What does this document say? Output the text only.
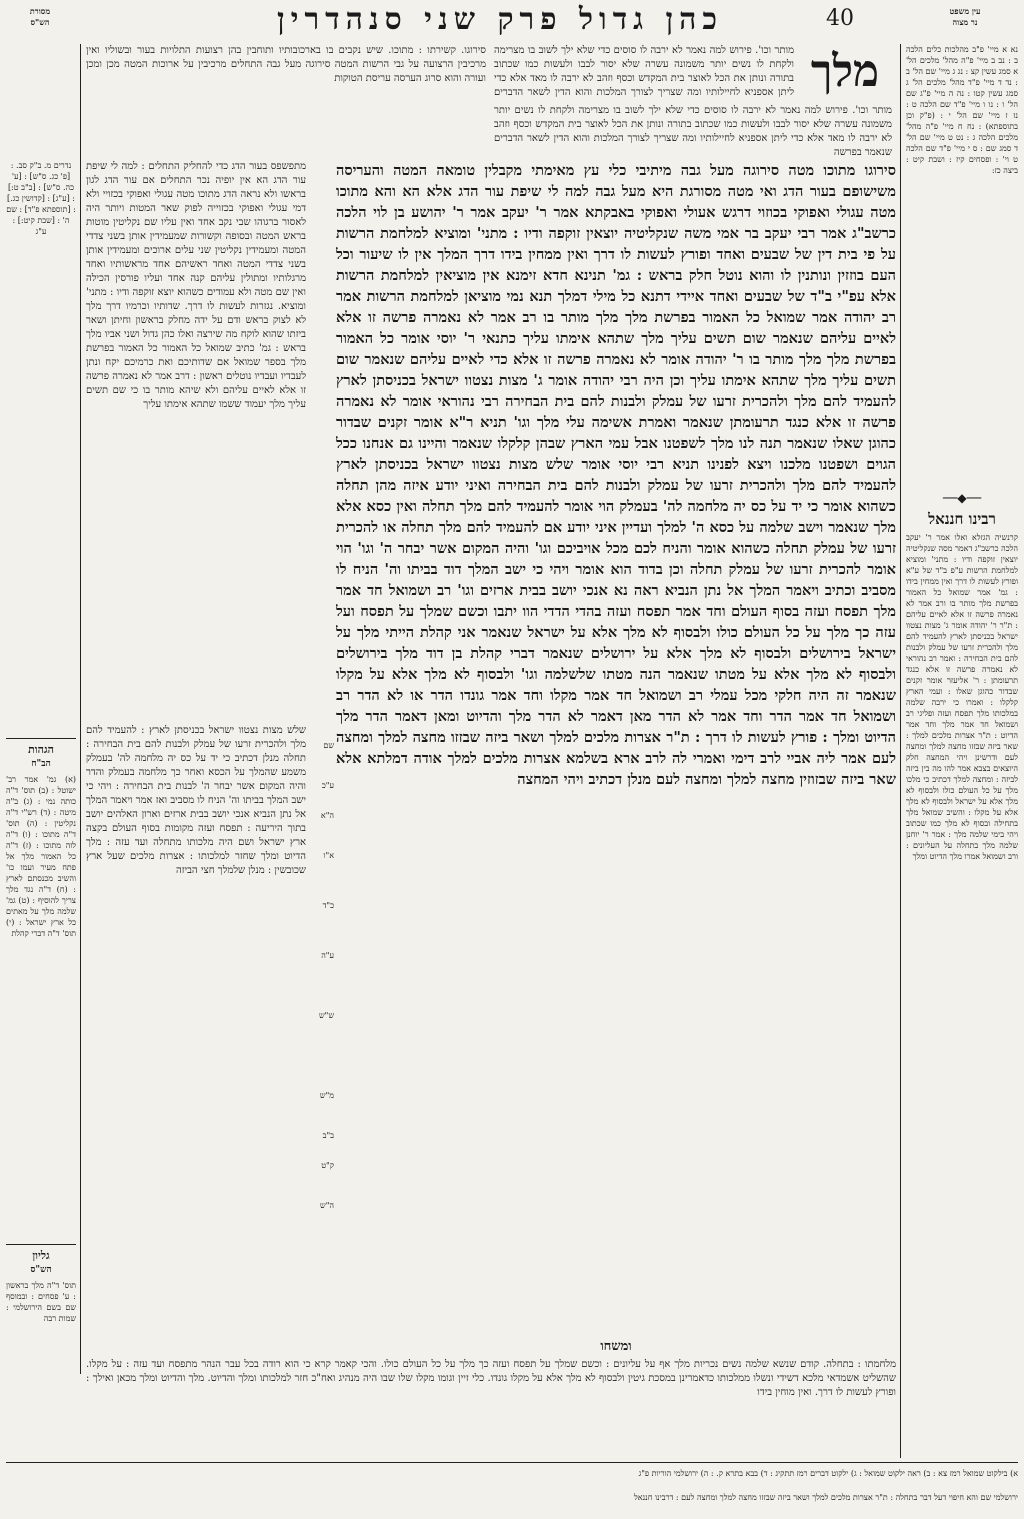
מסורת
הש"ס	כהן גדול פרק שני סנהדרין	40	עין משפט
נר מצוה
נדרים מ. ב"ק סב. : [פ' כג. ס"ש] : [ע' כה. ס"ש] : [ב"ב ט:] : [ע"ג] : [קדושין כג.] : [תוספתא פ"ד] : שם ה' : [שבת קיט:] : ע"ג
הגהות
הב"ח
(א) גמ' אמר רב' ישוטל : (ב) תוס' ד"ה כותה נמי : (ג) ב"ה מיטה : (ד) רש"י ד"ה נקליטין : (ה) תוס' ד"ה מתוכו : (ו) ד"ה לוה מתוכו : (ז) ד"ה כל האמור מלך אל פתח מעיר ועמו כו' והשיב מכנסתם לארץ : (ח) ד"ה נגד מלך צריך להוסיף : (ט) גמ' שלמה מלך על מאתים כל ארץ ישראל : (י) תוס' ד"ה דברי קהלת
גליון
הש"ס
תוס' ד"ה מלך בראשון : ע' פסחים : ובמוסף שם בשם הירושלמי : שמות רבה
סירוגו. קשירתו : מתוכו. שיש נקבים בו בארכובותיו ותוחבין בהן רצועות התלויות בעור ובשוליו ואין מרכיבין הרצועה על גבי הרשות המטה סירוגה מעל גבה התחלים מרכיבין על ארוכות המטה מכן ומכן ועורה והוא סרוג הערסה עריסת הטוקות
מתפשפס בעור הדג כדי להחליק התחלים : למה לי שיפת עור הדג הא אין יופיה נכר התחלים אם עור הדג לגון בראשו ולא נראה הדג מתוכו מטה עגולי ואפוקי בכזויי ולא דמי עגולי ואפוקי בכזוייה לפוק שאר המטות ויותר היה לאסור ברגוהו שבי נקב אחד ואין עליו שם נקליטין מוטות בראש המטה ובסופה וקשורות שמעמידין אותן בשני צדדי המטה ומעמידין נקליטין שני עלים ארוכים ומעמידין אותן בשני צדדי המטה ואחד ראשיהם אחד מראשותיו ואחד מרגלותיו ומתולין עליהם קנה אחד ועליו פורסין הכילה ואין שם מטה ולא עמודים כשהוא יוצא זוקפה ודיו : מתני' ומוציא. נגזרות לעשות לו דרך. שדותיו וכרמיו דרך מלך לא לצוק בראש ודם על ידה מחלק בראשון וחיתן ושאר ביזתו שהוא לוקח מה שירצה ואלו כהן גדול ושני אביו מלך בראש : גמ' כתיב שמואל כל האמור כל האמור בפרשת מלך בספר שמואל אם שדותיכם ואת כרמיכם יקח ונתן לעבדיו ועבדיו נוטלים ראשון : דרב אמר לא נאמרה פרשה זו אלא לאיים עליהם ולא שיהא מותר בו כי שם תשים עליך מלך יעמוד ששמו שתהא אימתו עליך
שלש מצות נצטוו ישראל בכניסתן לארץ : להעמיד להם מלך ולהכרית זרעו של עמלק ולבנות להם בית הבחירה : תחלה מנלן דכתיב כי יד על כס יה מלחמה לה' בעמלק משמע שהמלך על הכסא ואחר כך מלחמה בעמלק והדר והיה המקום אשר יבחר ה' לבנות בית הבחירה : ויהי כי ישב המלך בביתו וה' הניח לו מסביב ואז אמר ויאמר המלך אל נתן הנביא אנכי יושב בבית ארזים וארון האלהים יושב בתוך היריעה : תפסח ועזה מקומות בסוף העולם בקצה ארץ ישראל ושם היה מלכותו מתחלה ועד עזה : מלך הדיוט ומלך שחזר למלכותו : אצרות מלכים שעל ארץ שכובשין : מנלן שלמלך חצי הביזה
שם
ע"כ
ה"א
א"ו
כ"ד
ע"ה
ש"ש
מ"ש
ב"ב
ק"ט
ה"ש
מלך
מותר וכו'. פירוש למה נאמר לא ירבה לו סוסים כדי שלא ילך לשוב בו מצרימה ולקחת לו נשים יותר משמונה עשרה שלא יסור לבבו ולעשות כמו שכתוב בתורה ונותן את הכל לאוצר בית המקדש וכסף וזהב לא ירבה לו מאד אלא כדי ליתן אספניא לחיילותיו ומה שצריך לצורך המלכות והוא הדין לשאר הדברים שנאמר בפרשה
מותר וכו'. פירוש למה נאמר לא ירבה לו סוסים כדי שלא ילך לשוב בו מצרימה ולקחת לו נשים יותר משמונה עשרה שלא יסור לבבו ולעשות כמו שכתוב בתורה ונותן את הכל לאוצר בית המקדש וכסף וזהב לא ירבה לו מאד אלא כדי ליתן אספניא לחיילותיו ומה שצריך לצורך המלכות והוא הדין לשאר הדברים
סירוגו מתוכו מטה סירוגה מעל גבה מיתיבי כלי עץ מאימתי מקבלין טומאה המטה והעריסה משישופם בעור הדג ואי מטה מסורגת היא מעל גבה למה לי שיפת עור הדג אלא הא והא מתוכו מטה עגולי ואפוקי בכוזוי דרגש אעולי ואפוקי באבקתא אמר ר' יעקב אמר ר' יהושע בן לוי הלכה כרשב"ג אמר רבי יעקב בר אמי משה שנקליטיה יוצאין זוקפה ודיו : מתני' ומוציא למלחמת הרשות על פי בית דין של שבעים ואחד ופורץ לעשות לו דרך ואין ממחין בידו דרך המלך אין לו שיעור וכל העם בוזזין ונותנין לו והוא נוטל חלק בראש : גמ' תנינא חדא זימנא אין מוציאין למלחמת הרשות אלא עפ"י ב"ד של שבעים ואחד איידי דתנא כל מילי דמלך תנא נמי מוציאן למלחמת הרשות אמר רב יהודה אמר שמואל כל האמור בפרשת מלך מלך מותר בו רב אמר לא נאמרה פרשה זו אלא לאיים עליהם שנאמר שום תשים עליך מלך שתהא אימתו עליך כתנאי ר' יוסי אומר כל האמור בפרשת מלך מלך מותר בו ר' יהודה אומר לא נאמרה פרשה זו אלא כדי לאיים עליהם שנאמר שום תשים עליך מלך שתהא אימתו עליך וכן היה רבי יהודה אומר ג' מצות נצטוו ישראל בכניסתן לארץ להעמיד להם מלך ולהכרית זרעו של עמלק ולבנות להם בית הבחירה רבי נהוראי אומר לא נאמרה פרשה זו אלא כנגד תרעומתן שנאמר ואמרת אשימה עלי מלך וגו' תניא ר"א אומר זקנים שבדור כהוגן שאלו שנאמר תנה לנו מלך לשפטנו אבל עמי הארץ שבהן קלקלו שנאמר והיינו גם אנחנו ככל הגוים ושפטנו מלכנו ויצא לפנינו תניא רבי יוסי אומר שלש מצות נצטוו ישראל בכניסתן לארץ להעמיד להם מלך ולהכרית זרעו של עמלק ולבנות להם בית הבחירה ואיני יודע איזה מהן תחלה כשהוא אומר כי יד על כס יה מלחמה לה' בעמלק הוי אומר להעמיד להם מלך תחלה ואין כסא אלא מלך שנאמר וישב שלמה על כסא ה' למלך ועדיין איני יודע אם להעמיד להם מלך תחלה או להכרית זרעו של עמלק תחלה כשהוא אומר והניח לכם מכל אויביכם וגו' והיה המקום אשר יבחר ה' וגו' הוי אומר להכרית זרעו של עמלק תחלה וכן בדוד הוא אומר ויהי כי ישב המלך דוד בביתו וה' הניח לו מסביב וכתיב ויאמר המלך אל נתן הנביא ראה נא אנכי יושב בבית ארזים וגו' רב ושמואל חד אמר מלך תפסח ועזה בסוף העולם וחד אמר תפסח ועזה בהדי הדדי הוו יתבו וכשם שמלך על תפסח ועל עזה כך מלך על כל העולם כולו ולבסוף לא מלך אלא על ישראל שנאמר אני קהלת הייתי מלך על ישראל בירושלים ולבסוף לא מלך אלא על ירושלים שנאמר דברי קהלת בן דוד מלך בירושלים ולבסוף לא מלך אלא על מטתו שנאמר הנה מטתו שלשלמה וגו' ולבסוף לא מלך אלא על מקלו שנאמר זה היה חלקי מכל עמלי רב ושמואל חד אמר מקלו וחד אמר גונדו הדר או לא הדר רב ושמואל חד אמר הדר וחד אמר לא הדר מאן דאמר לא הדר מלך והדיוט ומאן דאמר הדר מלך הדיוט ומלך : פורץ לעשות לו דרך : ת"ר אצרות מלכים למלך ושאר ביזה שבזזו מחצה למלך ומחצה לעם אמר ליה אביי לרב דימי ואמרי לה לרב ארא בשלמא אצרות מלכים למלך אודה דמלתא אלא שאר ביזה שבזוזין מחצה למלך ומחצה לעם מנלן דכתיב ויהי המחצה
ומשחו
מלחמתו : בתחלה. קודם שנשא שלמה נשים נכריות מלך אף על עליונים : וכשם שמלך על תפסח ועזה כך מלך על כל העולם כולו. והכי קאמר קרא כי הוא רודה בכל עבר הנהר מתפסח ועד עזה : על מקלו. שהשליט אשמדאי מלכא דשידי ונשלו ממלכותו כדאמרינן במסכת גיטין ולבסוף לא מלך אלא על מקלו גונדו. כלי זיין וגומו מקלו שלו שבו היה מנהיג ואח"כ חזר למלכותו ומלך והדיוט. מלך והדיוט ומלך מכאן ואילך : ופורץ לעשות לו דרך. ואין מוחין בידו
נא א מיי' פ"ב מהלכות כלים הלכה ב : נב ב מיי' פ"ה מהל' מלכים הל' א סמג עשין קצ : נג ג מיי' שם הל' ב : נד ד מיי' פ"ד מהל' מלכים הל' ג סמג עשין קטו : נה ה מיי' פ"ג שם הל' ו : נו ו מיי' פ"ד שם הלכה ט : נז ז מיי' שם הל' י : (פ"ק וכן בתוספתא) : נח ח מיי' פ"ה מהל' מלכים הלכה ג : נט ט מיי' שם הל' ד סמג שם : ס י מיי' פ"ד שם הלכה ט וי' : ופסחים קיז : ושבת קיט : ביצה כז:
──◆──
רבינו חננאל
קרנשיה הגזלא ואלו אמר ר' יעקב הלכה כרשב"ג דאמר מסה שנקליטיה יוצאין זוקפה ודיו : מתני' ומוציא למלחמת הרשות ע"פ ב"ד של ע"א ופורץ לעשות לו דרך ואין ממחין בידו : גמ' אמר שמואל כל האמור בפרשת מלך מותר בו ורב אמר לא נאמרה פרשה זו אלא לאיים עליהם : ת"ר ר' יהודה אומר ג' מצות נצטוו ישראל בכניסתן לארץ להעמיד להם מלך ולהכרית זרעו של עמלק ולבנות להם בית הבחירה : ואמר רב נהוראי לא נאמרה פרשה זו אלא כנגד תרעומתן : ר' אליעזר אומר זקנים שבדור כהוגן שאלו : ועמי הארץ קלקלו : ואמרו כי ירבה שלמה במלכותו מלך תפסח ועזה ופליגי רב ושמואל חד אמר מלך וחד אמר הדיוט : ת"ר אצרות מלכים למלך : שאר ביזה שבזזו מחצה למלך ומחצה לעם ודרשינן ויהי המחצה חלק היוצאים בצבא אמר להו מה בין ביזה לביזה : ומחצה למלך דכתיב כי מלכו מלך על כל העולם כולו ולבסוף לא מלך אלא על ישראל ולבסוף לא מלך אלא על מקלו : והשיב שמואל מלך בתחילה ובסוף לא מלך כמו שכתוב ויהי בימי שלמה מלך : אמר ר' יוחנן שלמה מלך בתחלה על העליונים : ורב ושמואל אמרו מלך הדיוט ומלך
א) בילקוט שמואל רמז צא : ב) ראה ילקוט שמואל : ג) ילקוט דברים רמז תתקיג : ד) בבא בתרא ק. : ה) ירושלמי הוריות פ"ג
ירושלמי שם והא חיפוי דעל דבר בתחלה : ת"ר אצרות מלכים למלך ושאר ביזה שבזזו מחצה למלך ומחצה לעם : דרבינו חננאל
